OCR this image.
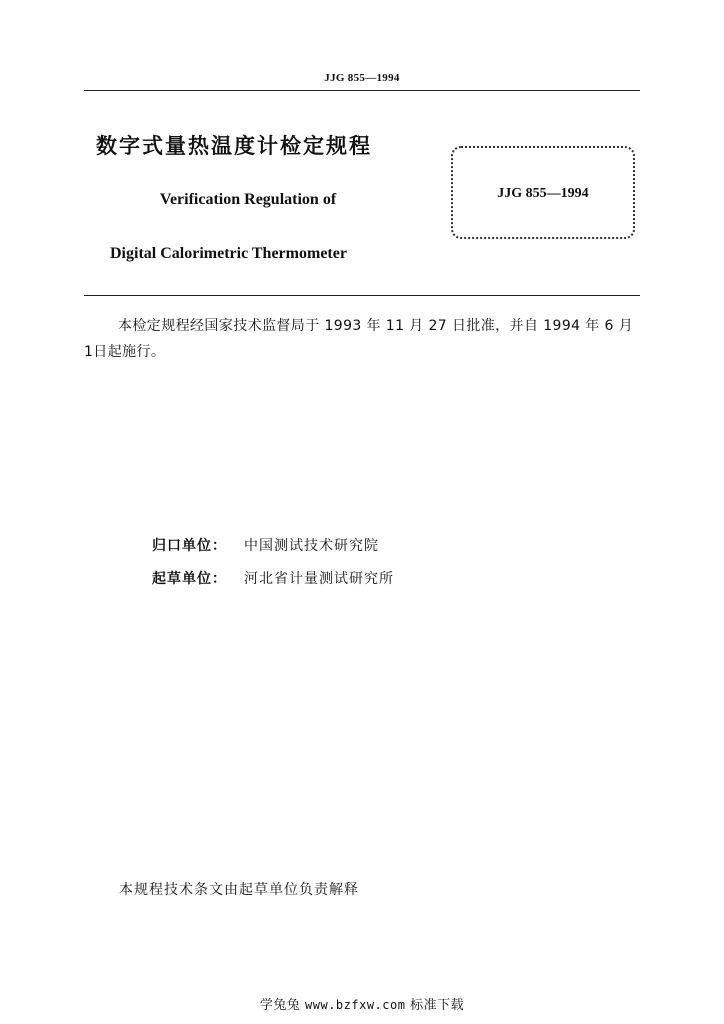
JJG 855—1994
数字式量热温度计检定规程
Verification Regulation of
Digital Calorimetric Thermometer
JJG 855—1994
本检定规程经国家技术监督局于 1993 年 11 月 27 日批准，并自 1994 年 6 月 1日起施行。
归口单位： 中国测试技术研究院
起草单位： 河北省计量测试研究所
本规程技术条文由起草单位负责解释
学兔兔 www.bzfxw.com 标准下载
